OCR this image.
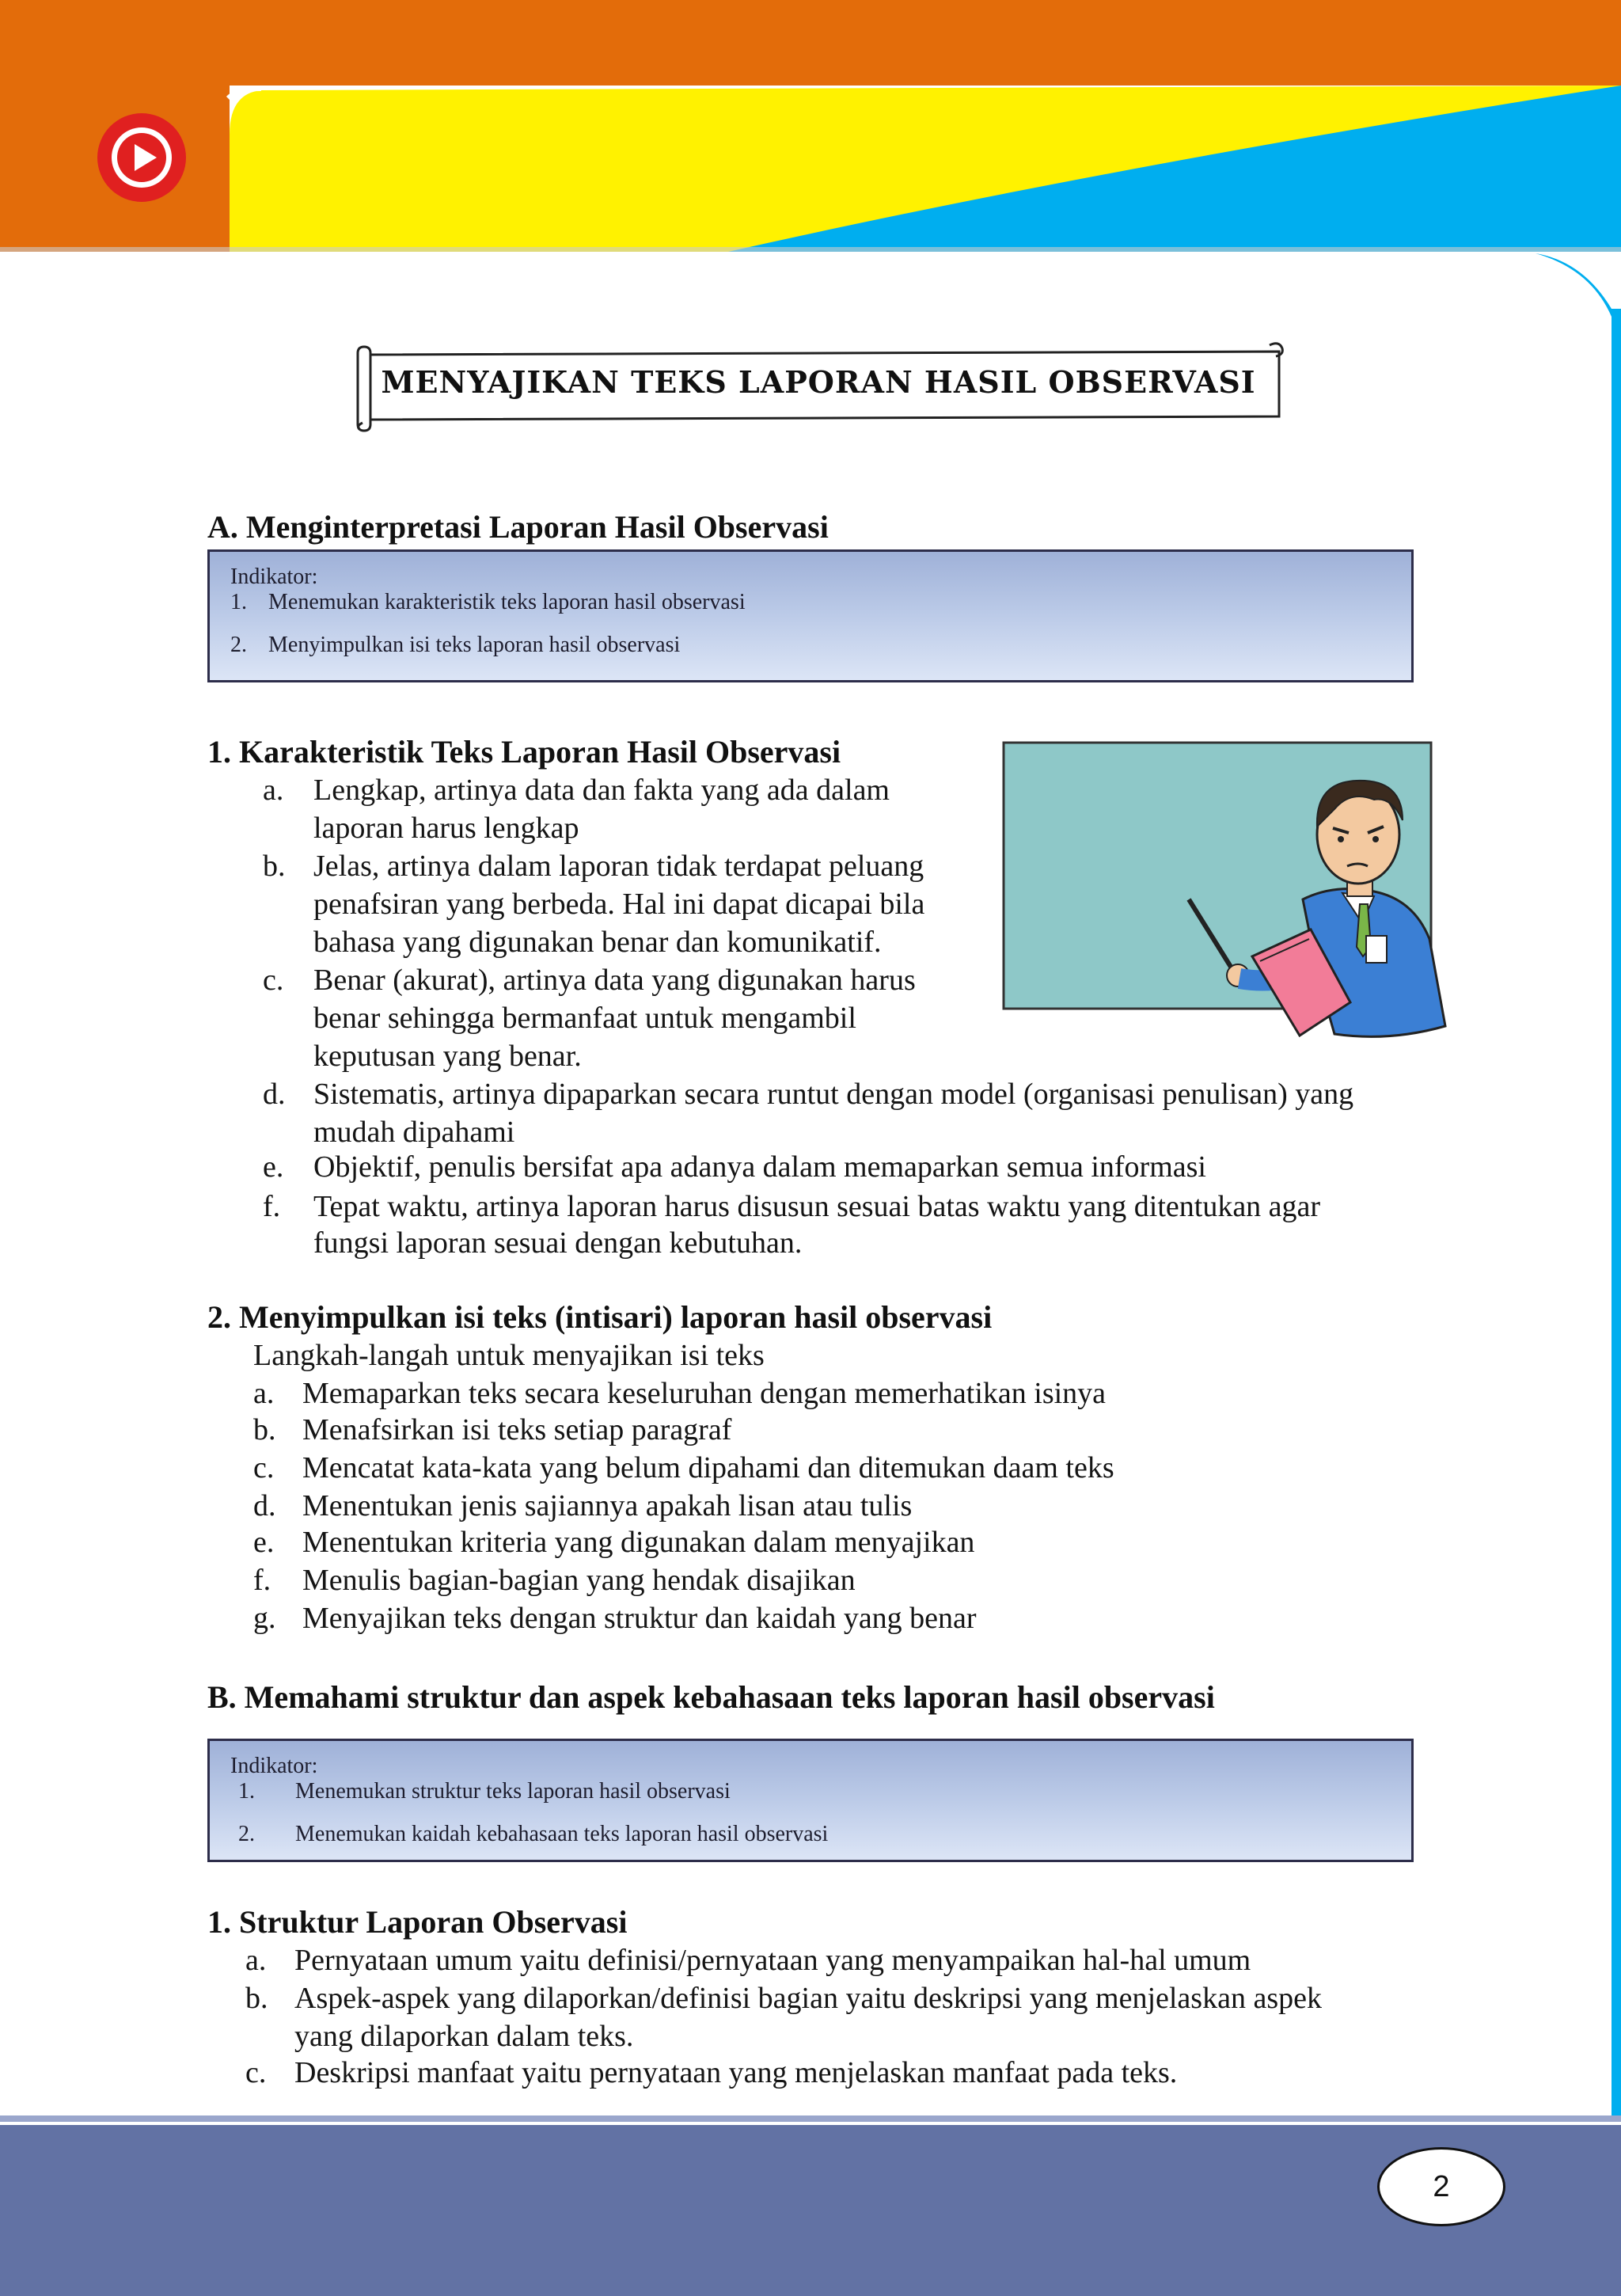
MENYAJIKAN TEKS LAPORAN HASIL OBSERVASI
A. Menginterpretasi Laporan Hasil Observasi
Indikator:
1. Menemukan karakteristik teks laporan hasil observasi
2. Menyimpulkan isi teks laporan hasil observasi
1. Karakteristik Teks Laporan Hasil Observasi
a. Lengkap, artinya data dan fakta yang ada dalam
laporan harus lengkap
b. Jelas, artinya dalam laporan tidak terdapat peluang
penafsiran yang berbeda. Hal ini dapat dicapai bila
bahasa yang digunakan benar dan komunikatif.
c. Benar (akurat), artinya data yang digunakan harus
benar sehingga bermanfaat untuk mengambil
keputusan yang benar.
d. Sistematis, artinya dipaparkan secara runtut dengan model (organisasi penulisan) yang
mudah dipahami
e. Objektif, penulis bersifat apa adanya dalam memaparkan semua informasi
f. Tepat waktu, artinya laporan harus disusun sesuai batas waktu yang ditentukan agar
fungsi laporan sesuai dengan kebutuhan.
2. Menyimpulkan isi teks (intisari) laporan hasil observasi
Langkah-langah untuk menyajikan isi teks
a. Memaparkan teks secara keseluruhan dengan memerhatikan isinya
b. Menafsirkan isi teks setiap paragraf
c. Mencatat kata-kata yang belum dipahami dan ditemukan daam teks
d. Menentukan jenis sajiannya apakah lisan atau tulis
e. Menentukan kriteria yang digunakan dalam menyajikan
f. Menulis bagian-bagian yang hendak disajikan
g. Menyajikan teks dengan struktur dan kaidah yang benar
B. Memahami struktur dan aspek kebahasaan teks laporan hasil observasi
Indikator:
1. Menemukan struktur teks laporan hasil observasi
2. Menemukan kaidah kebahasaan teks laporan hasil observasi
1. Struktur Laporan Observasi
a. Pernyataan umum yaitu definisi/pernyataan yang menyampaikan hal-hal umum
b. Aspek-aspek yang dilaporkan/definisi bagian yaitu deskripsi yang menjelaskan aspek
yang dilaporkan dalam teks.
c. Deskripsi manfaat yaitu pernyataan yang menjelaskan manfaat pada teks.
2
